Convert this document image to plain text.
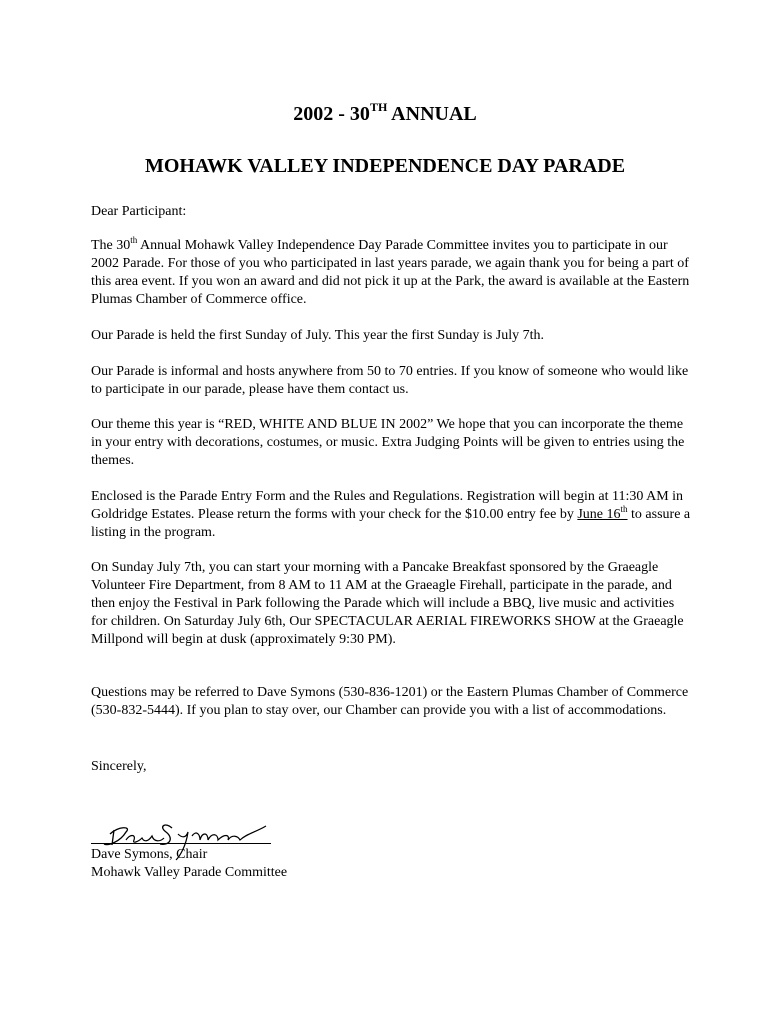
2002 - 30TH ANNUAL
MOHAWK VALLEY INDEPENDENCE DAY PARADE
Dear Participant:
The 30th Annual Mohawk Valley Independence Day Parade Committee invites you to participate in our 2002 Parade. For those of you who participated in last years parade, we again thank you for being a part of this area event. If you won an award and did not pick it up at the Park, the award is available at the Eastern Plumas Chamber of Commerce office.
Our Parade is held the first Sunday of July. This year the first Sunday is July 7th.
Our Parade is informal and hosts anywhere from 50 to 70 entries. If you know of someone who would like to participate in our parade, please have them contact us.
Our theme this year is “RED, WHITE AND BLUE IN 2002” We hope that you can incorporate the theme in your entry with decorations, costumes, or music. Extra Judging Points will be given to entries using the themes.
Enclosed is the Parade Entry Form and the Rules and Regulations. Registration will begin at 11:30 AM in Goldridge Estates. Please return the forms with your check for the $10.00 entry fee by June 16th to assure a listing in the program.
On Sunday July 7th, you can start your morning with a Pancake Breakfast sponsored by the Graeagle Volunteer Fire Department, from 8 AM to 11 AM at the Graeagle Firehall, participate in the parade, and then enjoy the Festival in Park following the Parade which will include a BBQ, live music and activities for children. On Saturday July 6th, Our SPECTACULAR AERIAL FIREWORKS SHOW at the Graeagle Millpond will begin at dusk (approximately 9:30 PM).
Questions may be referred to Dave Symons (530-836-1201) or the Eastern Plumas Chamber of Commerce (530-832-5444). If you plan to stay over, our Chamber can provide you with a list of accommodations.
Sincerely,
Dave Symons, Chair
Mohawk Valley Parade Committee
